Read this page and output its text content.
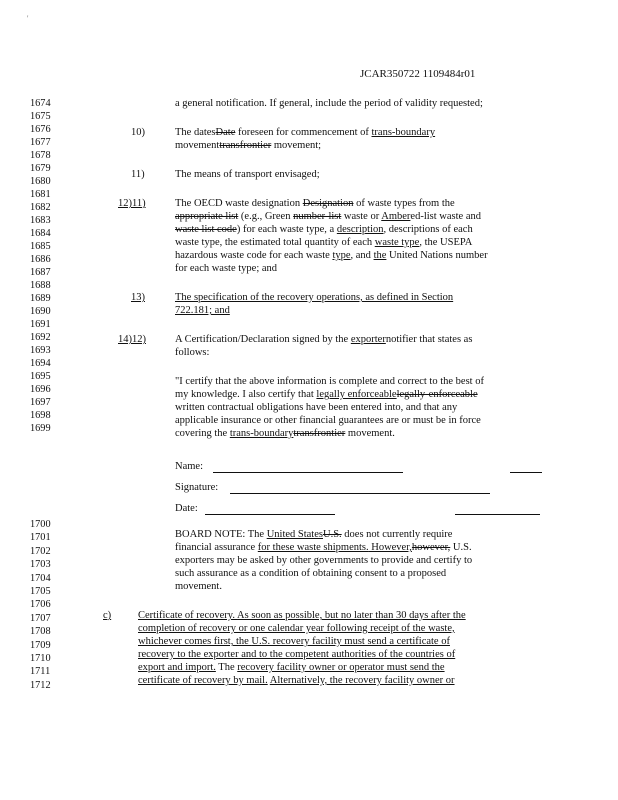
'
JCAR350722 1109484r01
1674
1675
1676
1677
1678
1679
1680
1681
1682
1683
1684
1685
1686
1687
1688
1689
1690
1691
1692
1693
1694
1695
1696
1697
1698
1699
1700
1701
1702
1703
1704
1705
1706
1707
1708
1709
1710
1711
1712
a general notification. If general, include the period of validity requested;
10)	The datesDate foreseen for commencement of trans-boundary
movementtransfrontier movement;
11)	The means of transport envisaged;
12)11)	The OECD waste designation Designation of waste types from the
appropriate list (e.g., Green number-list waste or Ambered-list waste and
waste list code) for each waste type, a description, descriptions of each
waste type, the estimated total quantity of each waste type, the USEPA
hazardous waste code for each waste type, and the United Nations number
for each waste type; and
13)	The specification of the recovery operations, as defined in Section
722.181; and
14)12)	A Certification/Declaration signed by the exporternotifier that states as
follows:
"I certify that the above information is complete and correct to the best of
my knowledge. I also certify that legally enforceablelegally-enforceable
written contractual obligations have been entered into, and that any
applicable insurance or other financial guarantees are or must be in force
covering the trans-boundarytransfrontier movement.
Name:
Signature:
Date:
BOARD NOTE: The United StatesU.S. does not currently require
financial assurance for these waste shipments. However,however, U.S.
exporters may be asked by other governments to provide and certify to
such assurance as a condition of obtaining consent to a proposed
movement.
c)	Certificate of recovery. As soon as possible, but no later than 30 days after the
completion of recovery or one calendar year following receipt of the waste,
whichever comes first, the U.S. recovery facility must send a certificate of
recovery to the exporter and to the competent authorities of the countries of
export and import. The recovery facility owner or operator must send the
certificate of recovery by mail. Alternatively, the recovery facility owner or
